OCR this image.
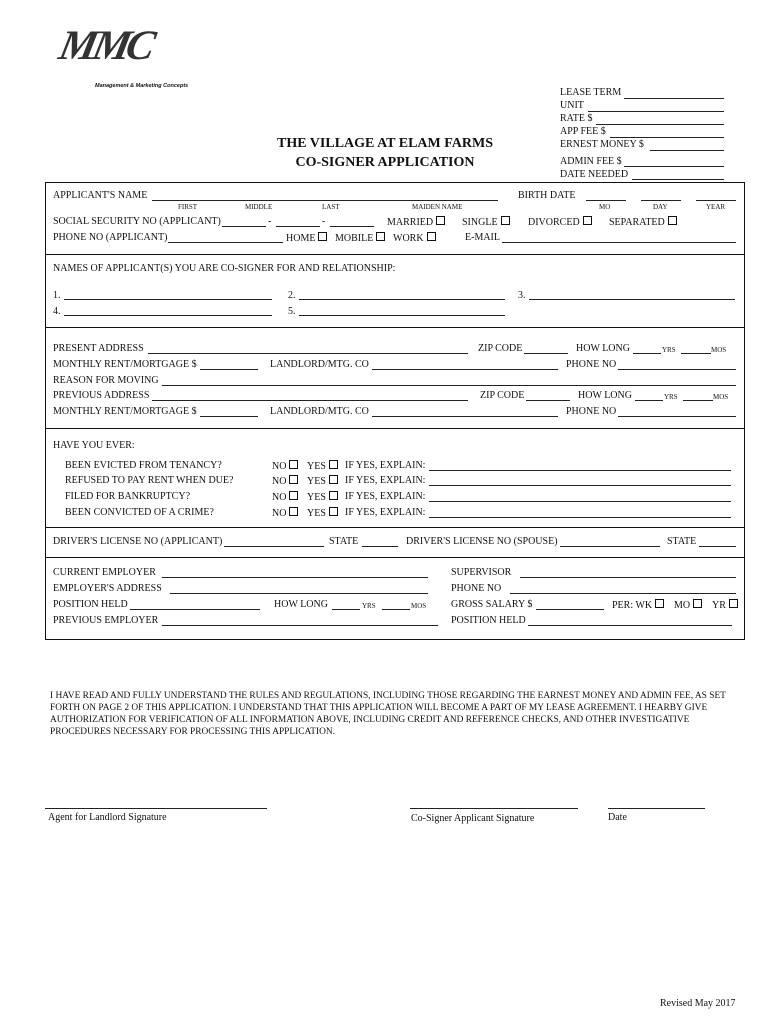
MMC
Management & Marketing Concepts
LEASE TERM
UNIT
RATE $
APP FEE $
ERNEST MONEY $
ADMIN FEE $
DATE NEEDED
THE VILLAGE AT ELAM FARMS
CO-SIGNER APPLICATION
APPLICANT'S NAME
FIRST	MIDDLE	LAST	MAIDEN NAME
BIRTH DATE
MO	DAY	YEAR
SOCIAL SECURITY NO (APPLICANT)	-	-	MARRIED	SINGLE	DIVORCED	SEPARATED
PHONE NO (APPLICANT)	HOME	MOBILE	WORK	E-MAIL
NAMES OF APPLICANT(S) YOU ARE CO-SIGNER FOR AND RELATIONSHIP:
1.	2.	3.
4.	5.
PRESENT ADDRESS	ZIP CODE	HOW LONG	YRS	MOS
MONTHLY RENT/MORTGAGE $	LANDLORD/MTG. CO	PHONE NO
REASON FOR MOVING
PREVIOUS ADDRESS	ZIP CODE	HOW LONG	YRS	MOS
MONTHLY RENT/MORTGAGE $	LANDLORD/MTG. CO	PHONE NO
HAVE YOU EVER:
BEEN EVICTED FROM TENANCY?	NO	YES	IF YES, EXPLAIN:
REFUSED TO PAY RENT WHEN DUE?	NO	YES	IF YES, EXPLAIN:
FILED FOR BANKRUPTCY?	NO	YES	IF YES, EXPLAIN:
BEEN CONVICTED OF A CRIME?	NO	YES	IF YES, EXPLAIN:
DRIVER'S LICENSE NO (APPLICANT)	STATE	DRIVER'S LICENSE NO (SPOUSE)	STATE
CURRENT EMPLOYER	SUPERVISOR
EMPLOYER'S ADDRESS	PHONE NO
POSITION HELD	HOW LONG	YRS	MOS GROSS SALARY $	PER: WK	MO	YR
PREVIOUS EMPLOYER	POSITION HELD
I HAVE READ AND FULLY UNDERSTAND THE RULES AND REGULATIONS, INCLUDING THOSE REGARDING THE EARNEST MONEY AND ADMIN FEE, AS SET FORTH ON PAGE 2 OF THIS APPLICATION. I UNDERSTAND THAT THIS APPLICATION WILL BECOME A PART OF MY LEASE AGREEMENT. I HEARBY GIVE AUTHORIZATION FOR VERIFICATION OF ALL INFORMATION ABOVE, INCLUDING CREDIT AND REFERENCE CHECKS, AND OTHER INVESTIGATIVE PROCEDURES NECESSARY FOR PROCESSING THIS APPLICATION.
Agent for Landlord Signature	Co-Signer Applicant Signature	Date
Revised May 2017
